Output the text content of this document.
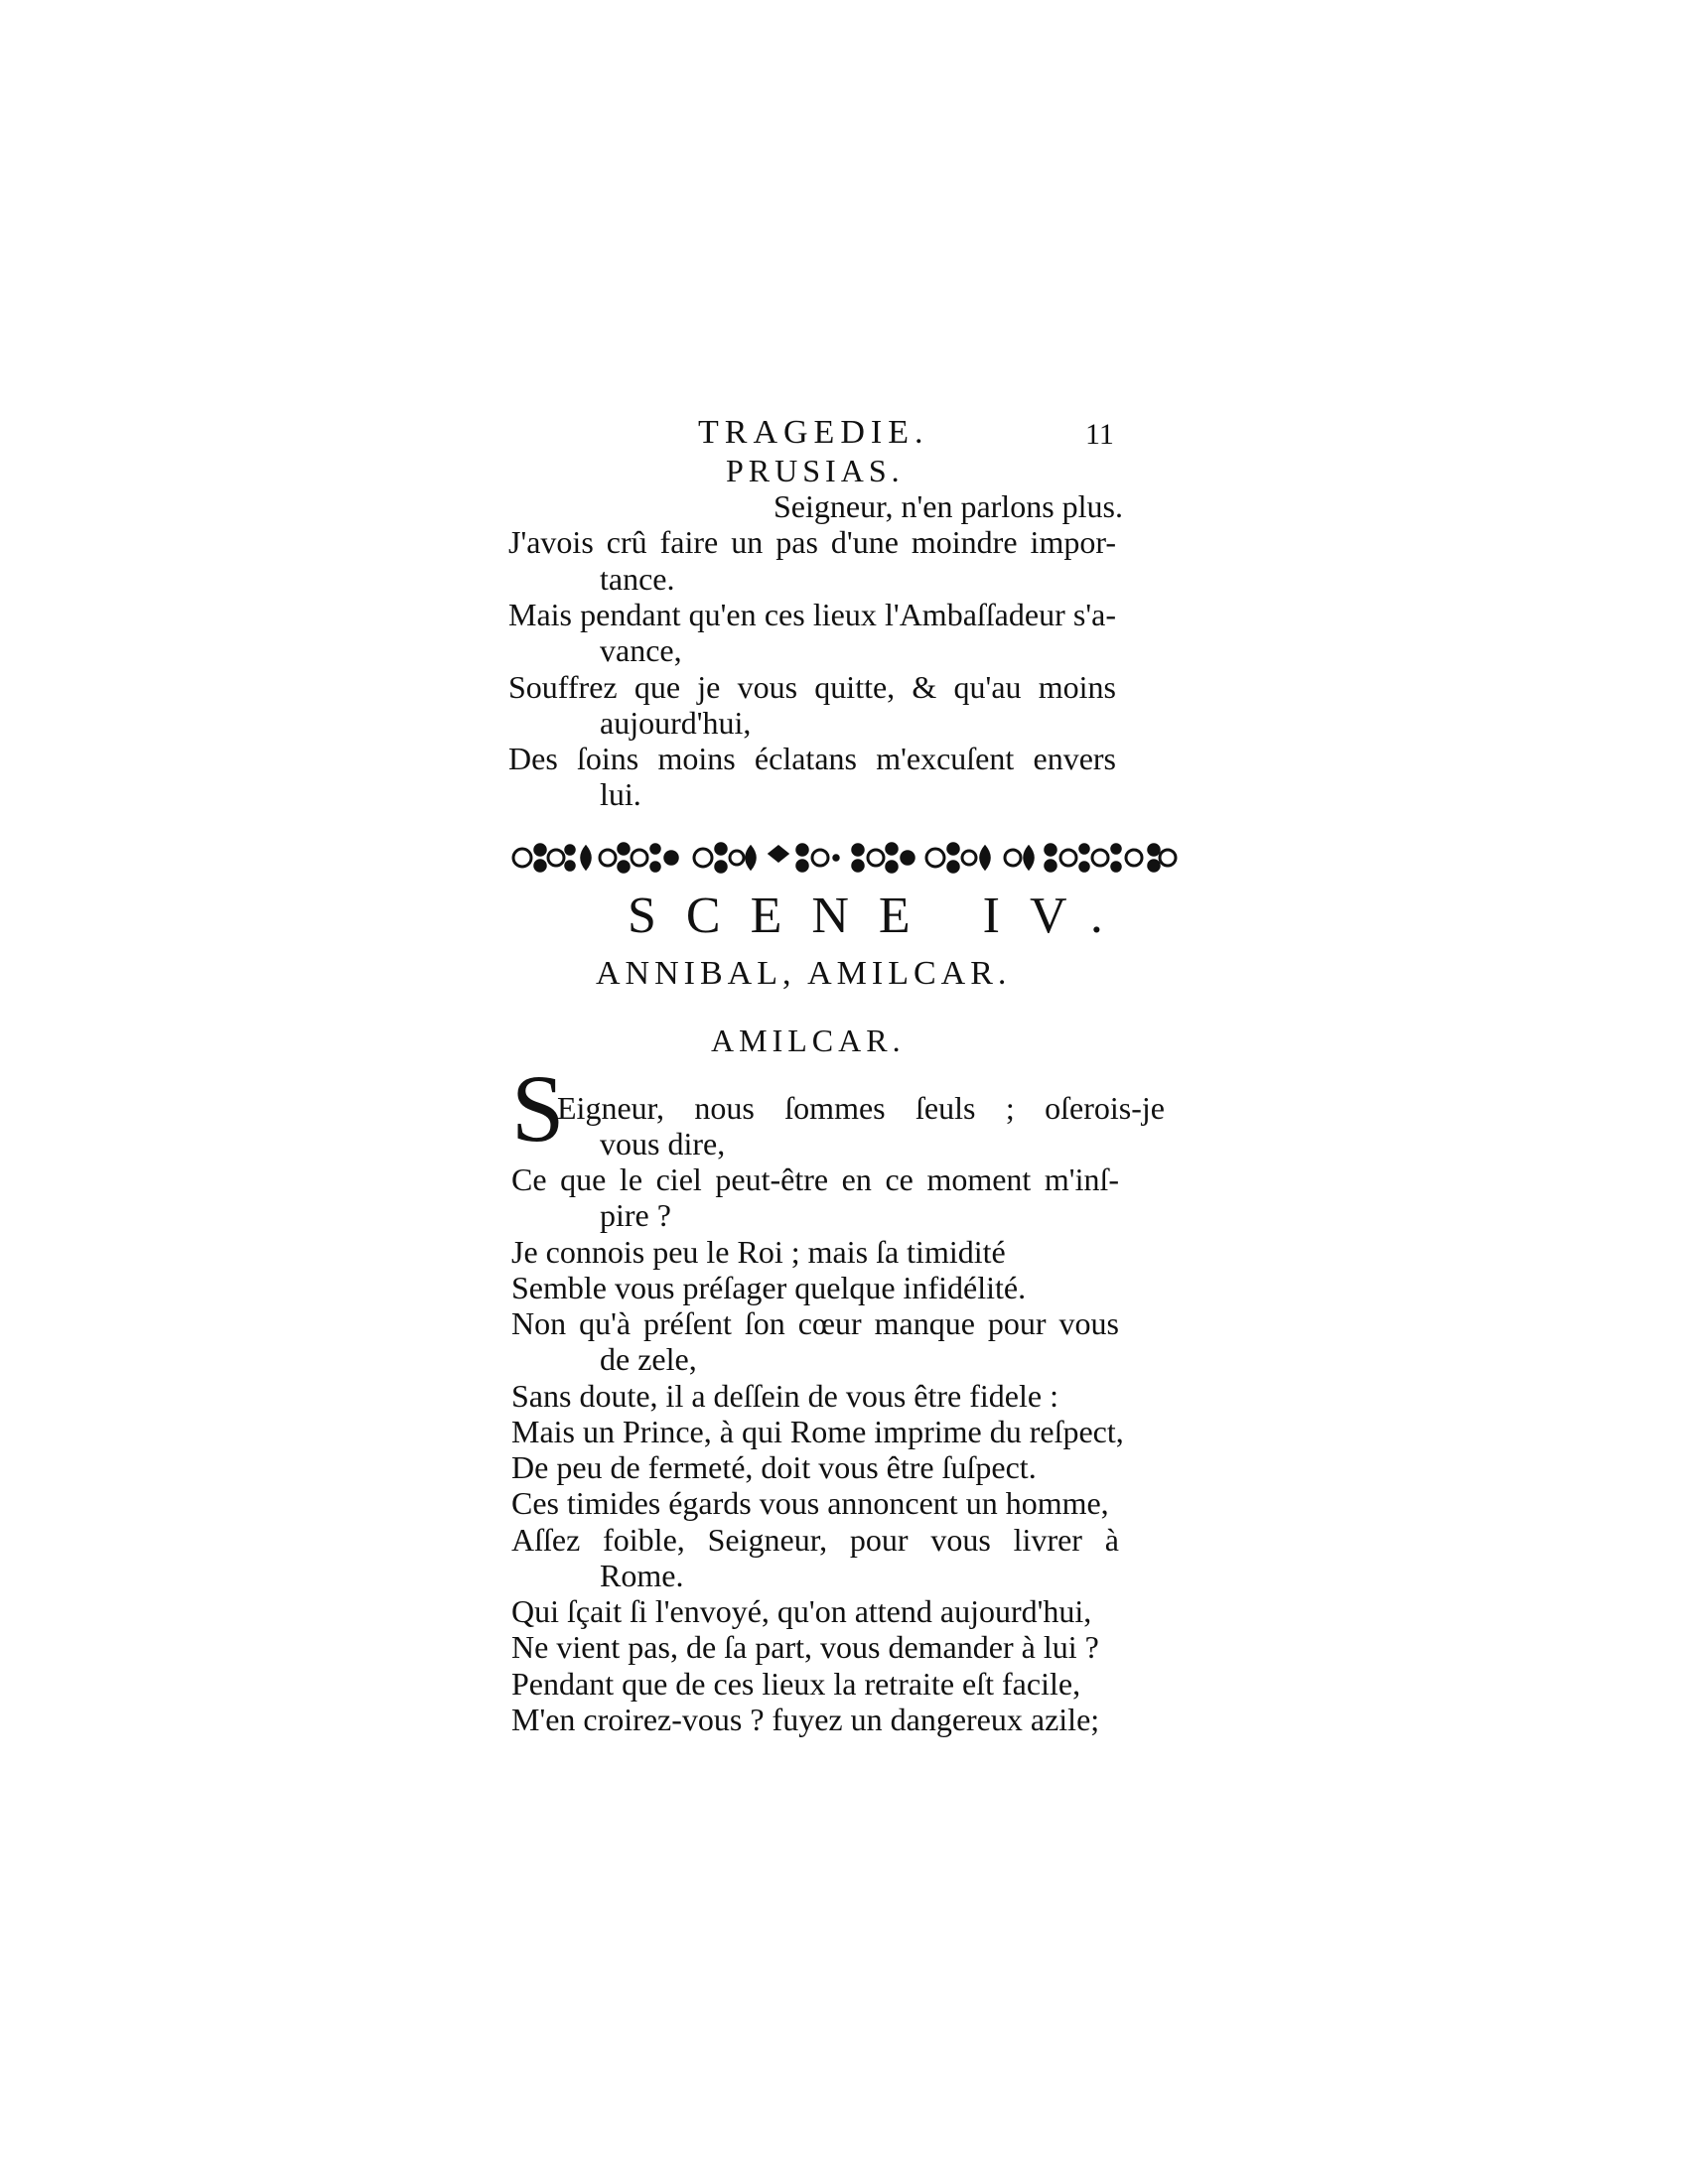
TRAGEDIE.	11
PRUSIAS.
Seigneur, n'en parlons plus.
J'avois crû faire un pas d'une moindre impor-
tance.
Mais pendant qu'en ces lieux l'Ambaſſadeur s'a-
vance,
Souffrez que je vous quitte, & qu'au moins
aujourd'hui,
Des ſoins moins éclatans m'excuſent envers
lui.
SCENE IV.
ANNIBAL, AMILCAR.
AMILCAR.
S
Eigneur, nous ſommes ſeuls ; oſerois-je
vous dire,
Ce que le ciel peut-être en ce moment m'inſ-
pire ?
Je connois peu le Roi ; mais ſa timidité
Semble vous préſager quelque infidélité.
Non qu'à préſent ſon cœur manque pour vous
de zele,
Sans doute, il a deſſein de vous être fidele :
Mais un Prince, à qui Rome imprime du reſpect,
De peu de fermeté, doit vous être ſuſpect.
Ces timides égards vous annoncent un homme,
Aſſez foible, Seigneur, pour vous livrer à
Rome.
Qui ſçait ſi l'envoyé, qu'on attend aujourd'hui,
Ne vient pas, de ſa part, vous demander à lui ?
Pendant que de ces lieux la retraite eſt facile,
M'en croirez-vous ? fuyez un dangereux azile;
